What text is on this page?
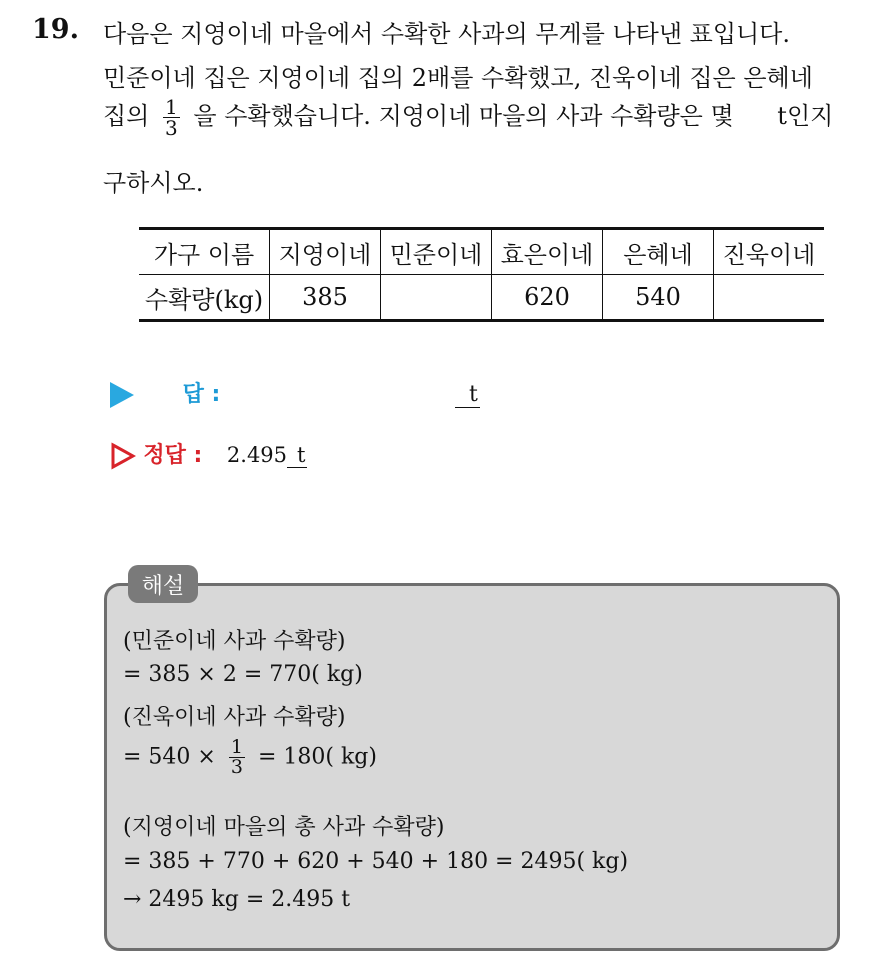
19. 다음은 지영이네 마을에서 수확한 사과의 무게를 나타낸 표입니다.
민준이네 집은 지영이네 집의 2배를 수확했고, 진욱이네 집은 은혜네
집의 $\frac{1}{3}$ 을 수확했습니다. 지영이네 마을의 사과 수확량은 몇 t인지
구하시오.
가구 이름	지영이네	민준이네	효은이네	은혜네	진욱이네
수확량(kg)	385		620	540	
답 :	t
정답 : 2.495 t
해설
(민준이네 사과 수확량)
= 385 × 2 = 770( kg)
(진욱이네 사과 수확량)
= $540 \times \frac{1}{3} = 180$( kg)
(지영이네 마을의 총 사과 수확량)
= 385 + 770 + 620 + 540 + 180 = 2495( kg)
→ 2495 kg = 2.495 t
